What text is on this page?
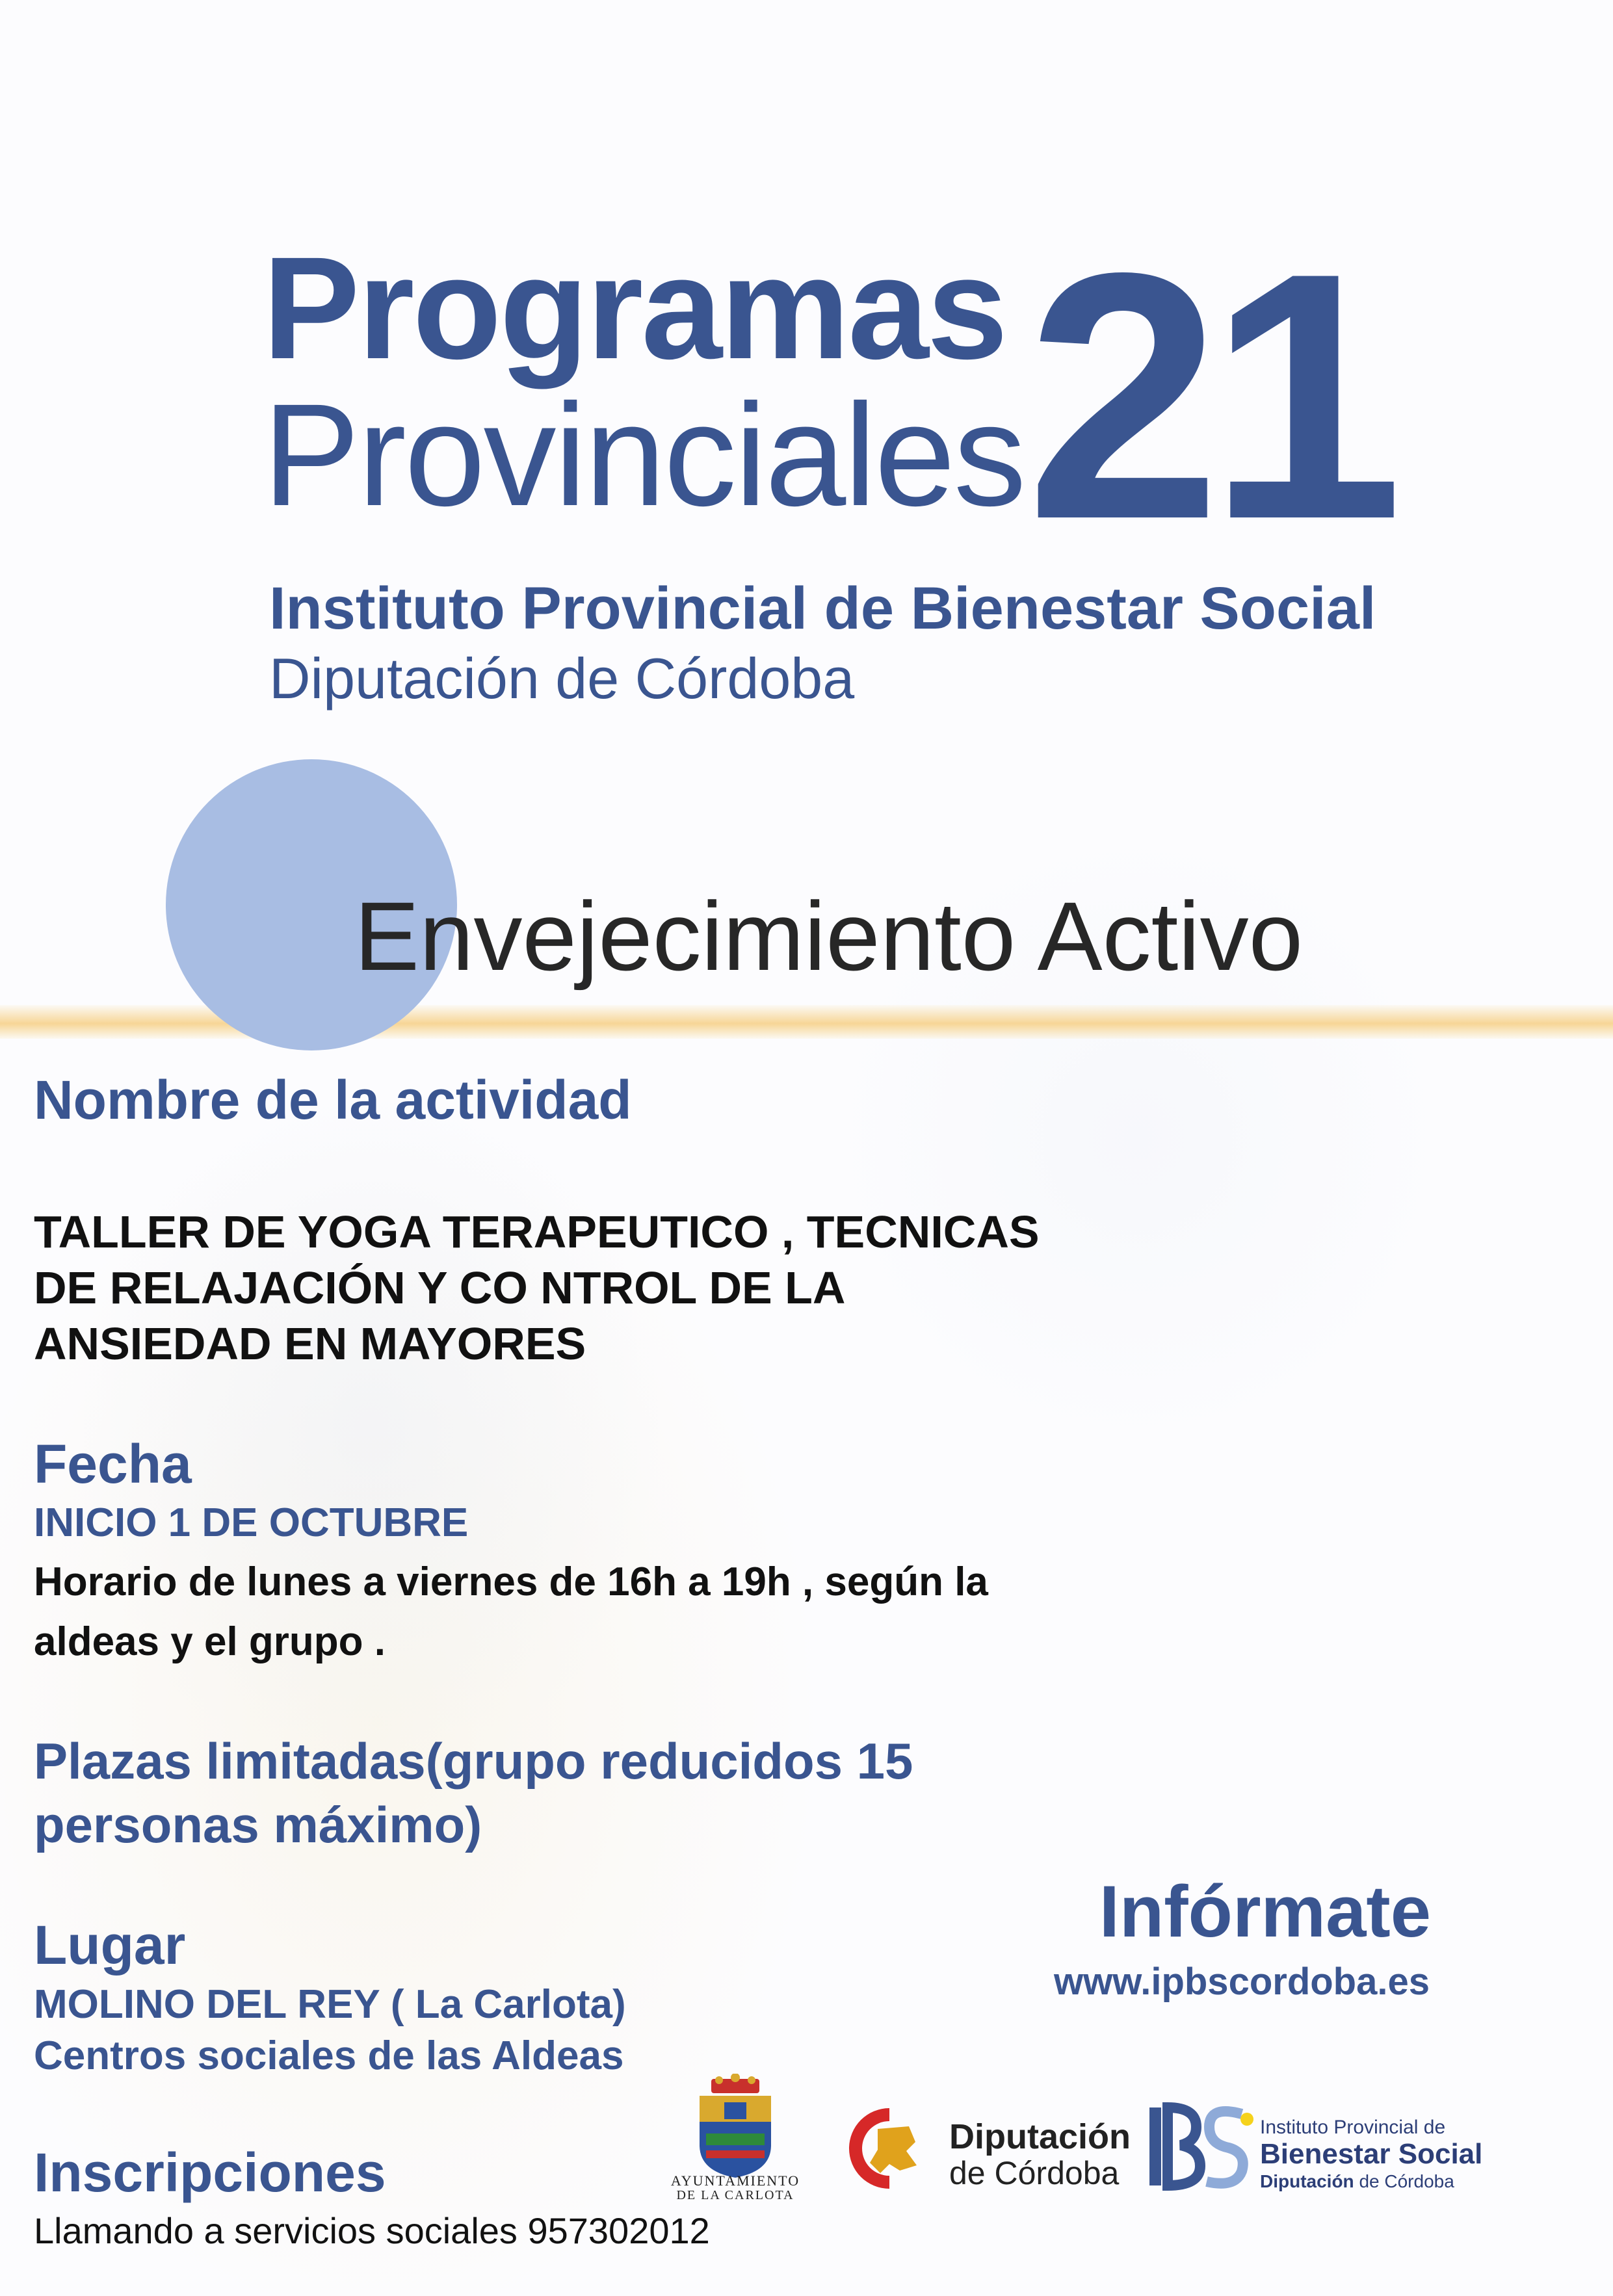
Programas
Provinciales 21
Instituto Provincial de Bienestar Social
Diputación de Córdoba
Envejecimiento Activo
Nombre de la actividad
TALLER DE YOGA TERAPEUTICO , TECNICAS
DE RELAJACIÓN Y CO NTROL DE LA
ANSIEDAD EN MAYORES
Fecha
INICIO 1 DE OCTUBRE
Horario de lunes a viernes de 16h a 19h , según la
aldeas y el grupo .
Plazas limitadas(grupo reducidos 15 personas máximo)
Lugar
MOLINO DEL REY ( La Carlota)
Centros sociales de las Aldeas
Inscripciones
Llamando a servicios sociales 957302012
Infórmate
www.ipbscordoba.es
AYUNTAMIENTO
DE LA CARLOTA
Diputación
de Córdoba
Instituto Provincial de
Bienestar Social
Diputación de Córdoba
